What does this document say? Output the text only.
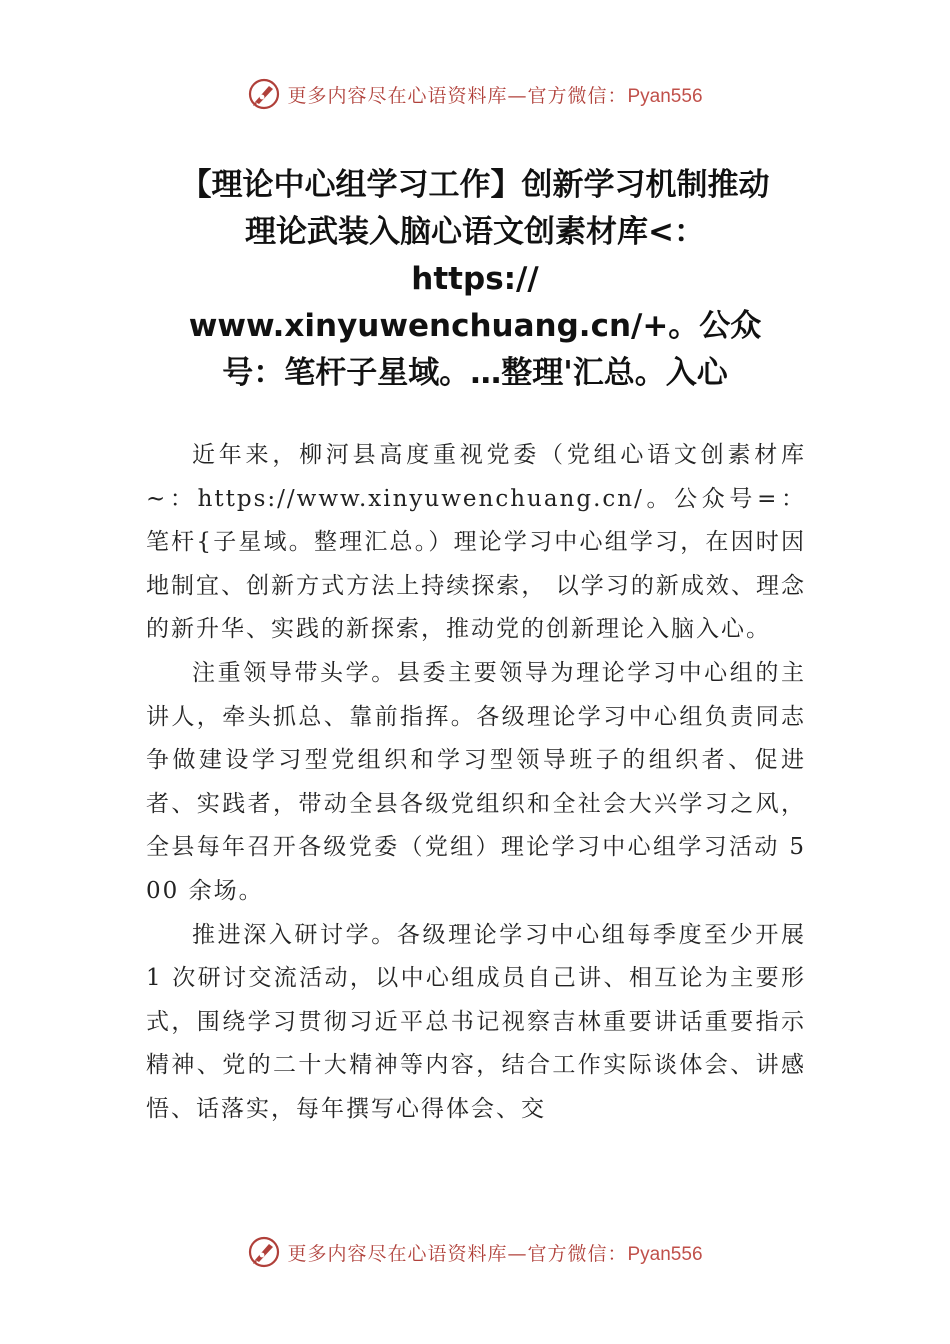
更多内容尽在心语资料库—官方微信：Pyan556
【理论中心组学习工作】创新学习机制推动
理论武装入脑心语文创素材库<：
https://
www.xinyuwenchuang.cn/+。公众
号：笔杆子星域。…整理'汇总。入心

近年来，柳河县高度重视党委（党组心语文创素材库~：https://www.xinyuwenchuang.cn/。公众号=：笔杆{子星域。整理汇总。）理论学习中心组学习，在因时因地制宜、创新方式方法上持续探索， 以学习的新成效、理念的新升华、实践的新探索，推动党的创新理论入脑入心。

注重领导带头学。县委主要领导为理论学习中心组的主讲人，牵头抓总、靠前指挥。各级理论学习中心组负责同志争做建设学习型党组织和学习型领导班子的组织者、促进者、实践者，带动全县各级党组织和全社会大兴学习之风，全县每年召开各级党委（党组）理论学习中心组学习活动 500 余场。

推进深入研讨学。各级理论学习中心组每季度至少开展 1 次研讨交流活动，以中心组成员自己讲、相互论为主要形式，围绕学习贯彻习近平总书记视察吉林重要讲话重要指示精神、党的二十大精神等内容，结合工作实际谈体会、讲感悟、话落实，每年撰写心得体会、交

更多内容尽在心语资料库—官方微信：Pyan556
